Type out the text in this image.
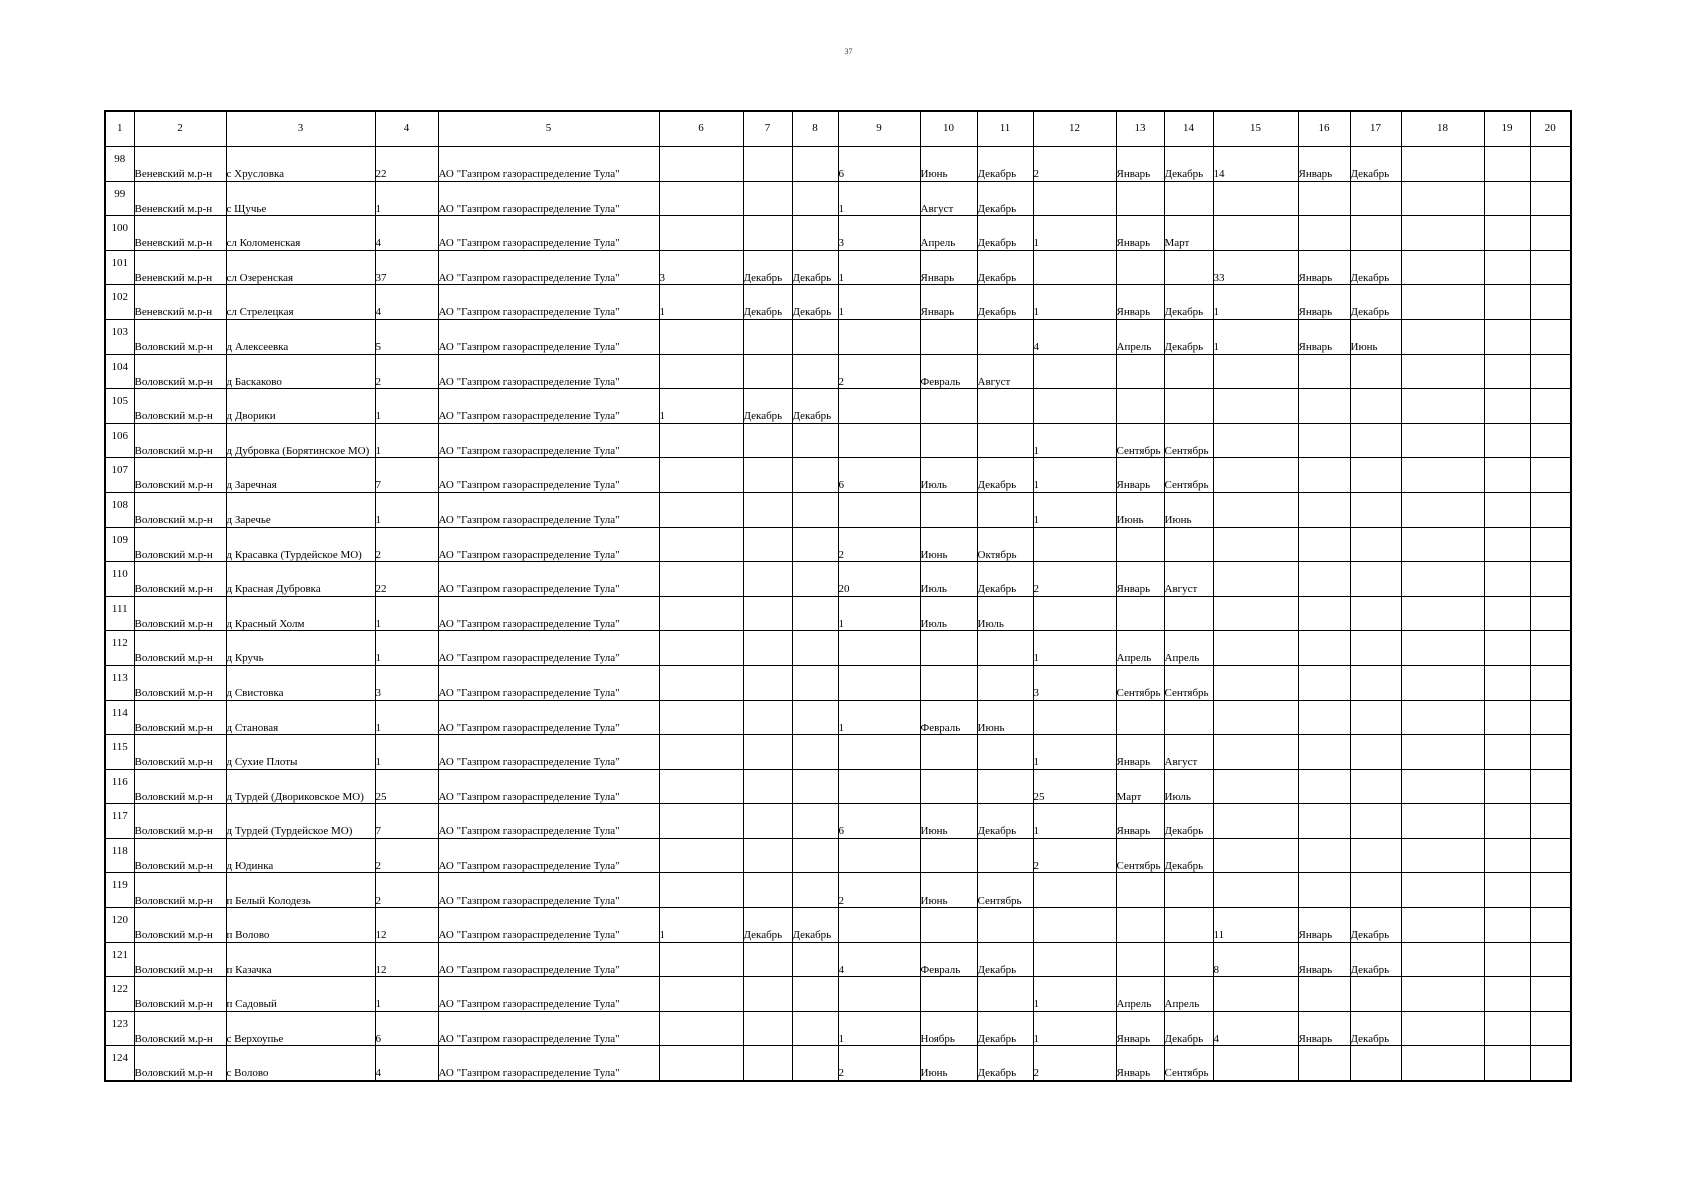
37
1	2	3	4	5	6	7	8	9	10	11	12	13	14	15	16	17	18	19	20
98	Веневский м.р-н	с Хрусловка	22	АО "Газпром газораспределение Тула"				6	Июнь	Декабрь	2	Январь	Декабрь	14	Январь	Декабрь			
99	Веневский м.р-н	с Щучье	1	АО "Газпром газораспределение Тула"				1	Август	Декабрь									
100	Веневский м.р-н	сл Коломенская	4	АО "Газпром газораспределение Тула"				3	Апрель	Декабрь	1	Январь	Март						
101	Веневский м.р-н	сл Озеренская	37	АО "Газпром газораспределение Тула"	3	Декабрь	Декабрь	1	Январь	Декабрь				33	Январь	Декабрь			
102	Веневский м.р-н	сл Стрелецкая	4	АО "Газпром газораспределение Тула"	1	Декабрь	Декабрь	1	Январь	Декабрь	1	Январь	Декабрь	1	Январь	Декабрь			
103	Воловский м.р-н	д Алексеевка	5	АО "Газпром газораспределение Тула"							4	Апрель	Декабрь	1	Январь	Июнь			
104	Воловский м.р-н	д Баскаково	2	АО "Газпром газораспределение Тула"				2	Февраль	Август									
105	Воловский м.р-н	д Дворики	1	АО "Газпром газораспределение Тула"	1	Декабрь	Декабрь												
106	Воловский м.р-н	д Дубровка (Борятинское МО)	1	АО "Газпром газораспределение Тула"							1	Сентябрь	Сентябрь						
107	Воловский м.р-н	д Заречная	7	АО "Газпром газораспределение Тула"				6	Июль	Декабрь	1	Январь	Сентябрь						
108	Воловский м.р-н	д Заречье	1	АО "Газпром газораспределение Тула"							1	Июнь	Июнь						
109	Воловский м.р-н	д Красавка (Турдейское МО)	2	АО "Газпром газораспределение Тула"				2	Июнь	Октябрь									
110	Воловский м.р-н	д Красная Дубровка	22	АО "Газпром газораспределение Тула"				20	Июль	Декабрь	2	Январь	Август						
111	Воловский м.р-н	д Красный Холм	1	АО "Газпром газораспределение Тула"				1	Июль	Июль									
112	Воловский м.р-н	д Кручь	1	АО "Газпром газораспределение Тула"							1	Апрель	Апрель						
113	Воловский м.р-н	д Свистовка	3	АО "Газпром газораспределение Тула"							3	Сентябрь	Сентябрь						
114	Воловский м.р-н	д Становая	1	АО "Газпром газораспределение Тула"				1	Февраль	Июнь									
115	Воловский м.р-н	д Сухие Плоты	1	АО "Газпром газораспределение Тула"							1	Январь	Август						
116	Воловский м.р-н	д Турдей (Двориковское МО)	25	АО "Газпром газораспределение Тула"							25	Март	Июль						
117	Воловский м.р-н	д Турдей (Турдейское МО)	7	АО "Газпром газораспределение Тула"				6	Июнь	Декабрь	1	Январь	Декабрь						
118	Воловский м.р-н	д Юдинка	2	АО "Газпром газораспределение Тула"							2	Сентябрь	Декабрь						
119	Воловский м.р-н	п Белый Колодезь	2	АО "Газпром газораспределение Тула"				2	Июнь	Сентябрь									
120	Воловский м.р-н	п Волово	12	АО "Газпром газораспределение Тула"	1	Декабрь	Декабрь							11	Январь	Декабрь			
121	Воловский м.р-н	п Казачка	12	АО "Газпром газораспределение Тула"				4	Февраль	Декабрь				8	Январь	Декабрь			
122	Воловский м.р-н	п Садовый	1	АО "Газпром газораспределение Тула"							1	Апрель	Апрель						
123	Воловский м.р-н	с Верхоупье	6	АО "Газпром газораспределение Тула"				1	Ноябрь	Декабрь	1	Январь	Декабрь	4	Январь	Декабрь			
124	Воловский м.р-н	с Волово	4	АО "Газпром газораспределение Тула"				2	Июнь	Декабрь	2	Январь	Сентябрь						
